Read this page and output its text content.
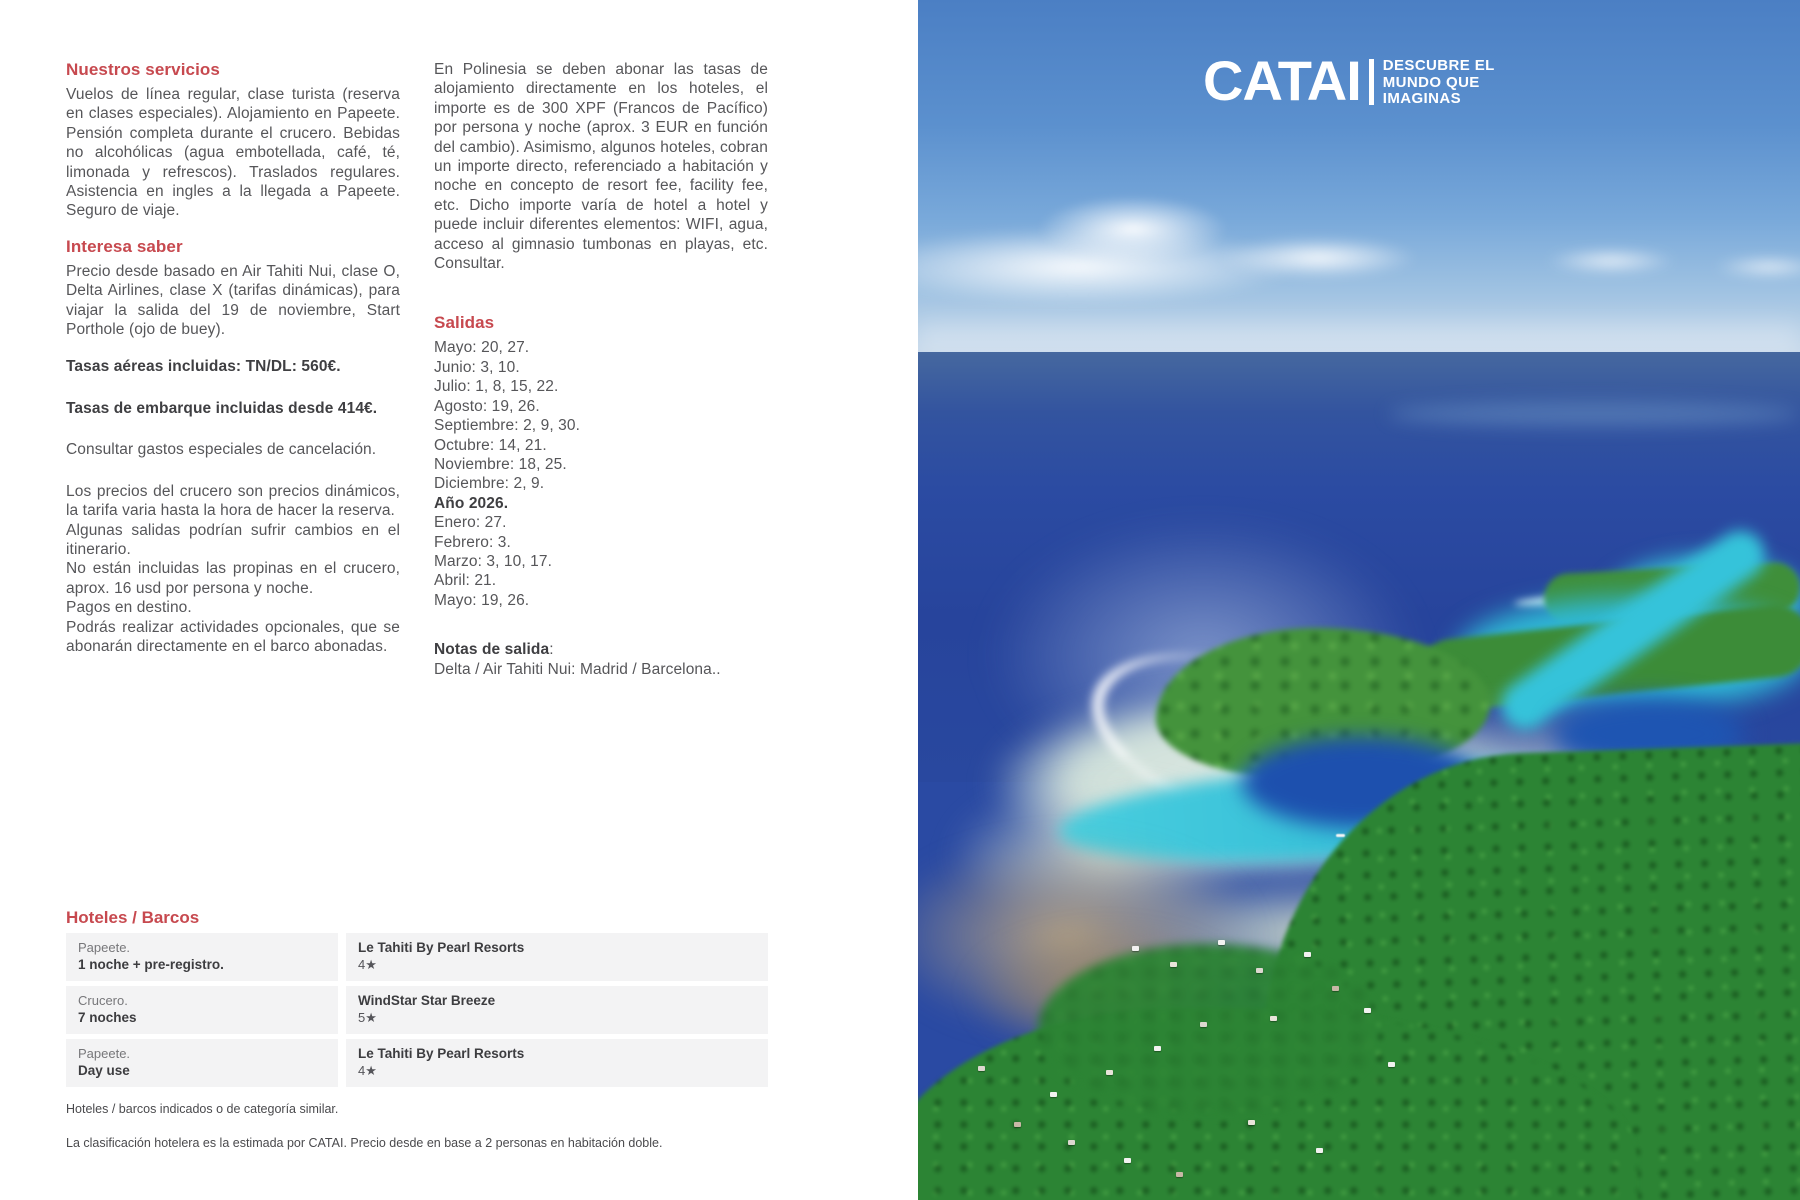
Nuestros servicios

Vuelos de línea regular, clase turista (reserva en clases especiales). Alojamiento en Papeete. Pensión completa durante el crucero. Bebidas no alcohólicas (agua embotellada, café, té, limonada y refrescos). Traslados regulares. Asistencia en ingles a la llegada a Papeete. Seguro de viaje.

Interesa saber

Precio desde basado en Air Tahiti Nui, clase O, Delta Airlines, clase X (tarifas dinámicas), para viajar la salida del 19 de noviembre, Start Porthole (ojo de buey).

Tasas aéreas incluidas: TN/DL: 560€.
Tasas de embarque incluidas desde 414€.
Consultar gastos especiales de cancelación.

Los precios del crucero son precios dinámicos, la tarifa varia hasta la hora de hacer la reserva.

Algunas salidas podrían sufrir cambios en el itinerario.

No están incluidas las propinas en el crucero, aprox. 16 usd por persona y noche.

Pagos en destino.

Podrás realizar actividades opcionales, que se abonarán directamente en el barco abonadas.

En Polinesia se deben abonar las tasas de alojamiento directamente en los hoteles, el importe es de 300 XPF (Francos de Pacífico) por persona y noche (aprox. 3 EUR en función del cambio). Asimismo, algunos hoteles, cobran un importe directo, referenciado a habitación y noche en concepto de resort fee, facility fee, etc. Dicho importe varía de hotel a hotel y puede incluir diferentes elementos: WIFI, agua, acceso al gimnasio tumbonas en playas, etc. Consultar.

Salidas
Mayo: 20, 27.
Junio: 3, 10.
Julio: 1, 8, 15, 22.
Agosto: 19, 26.
Septiembre: 2, 9, 30.
Octubre: 14, 21.
Noviembre: 18, 25.
Diciembre: 2, 9.
Año 2026.
Enero: 27.
Febrero: 3.
Marzo: 3, 10, 17.
Abril: 21.
Mayo: 19, 26.
Notas de salida:
Delta / Air Tahiti Nui: Madrid / Barcelona..
Hoteles / Barcos
Papeete.
1 noche + pre-registro.
Le Tahiti By Pearl Resorts
4★
Crucero.
7 noches
WindStar Star Breeze
5★
Papeete.
Day use
Le Tahiti By Pearl Resorts
4★

Hoteles / barcos indicados o de categoría similar.

La clasificación hotelera es la estimada por CATAI. Precio desde en base a 2 personas en habitación doble.

CATAI DESCUBRE EL
MUNDO QUE
IMAGINAS
